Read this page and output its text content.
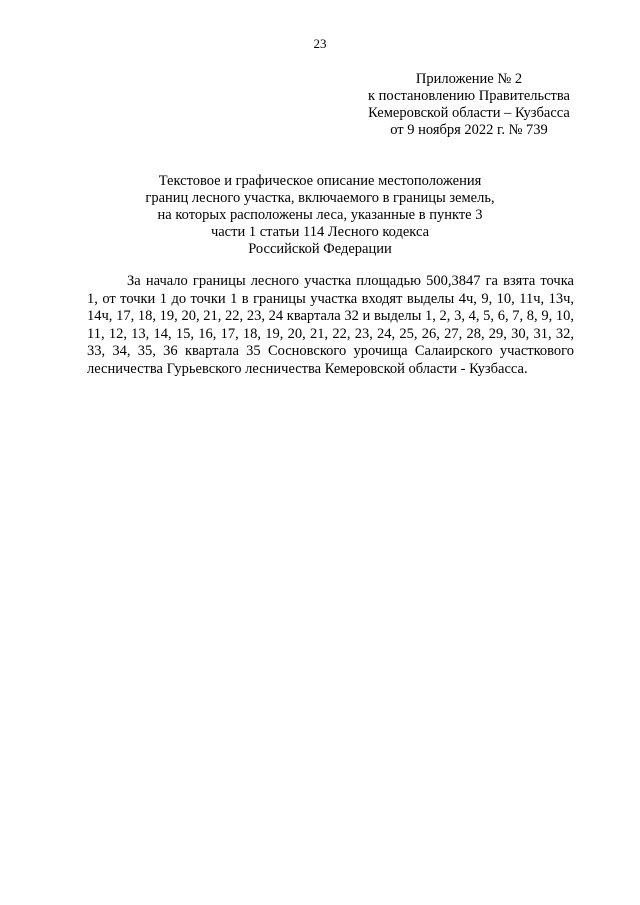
23
Приложение № 2
к постановлению Правительства
Кемеровской области – Кузбасса
от 9 ноября 2022 г. № 739
Текстовое и графическое описание местоположения
границ лесного участка, включаемого в границы земель,
на которых расположены леса, указанные в пункте 3
части 1 статьи 114 Лесного кодекса
Российской Федерации

За начало границы лесного участка площадью 500,3847 га взята точка 1, от точки 1 до точки 1 в границы участка входят выделы 4ч, 9, 10, 11ч, 13ч, 14ч, 17, 18, 19, 20, 21, 22, 23, 24 квартала 32 и выделы 1, 2, 3, 4, 5, 6, 7, 8, 9, 10, 11, 12, 13, 14, 15, 16, 17, 18, 19, 20, 21, 22, 23, 24, 25, 26, 27, 28, 29, 30, 31, 32, 33, 34, 35, 36 квартала 35 Сосновского урочища Салаирского участкового лесничества Гурьевского лесничества Кемеровской области - Кузбасса.
